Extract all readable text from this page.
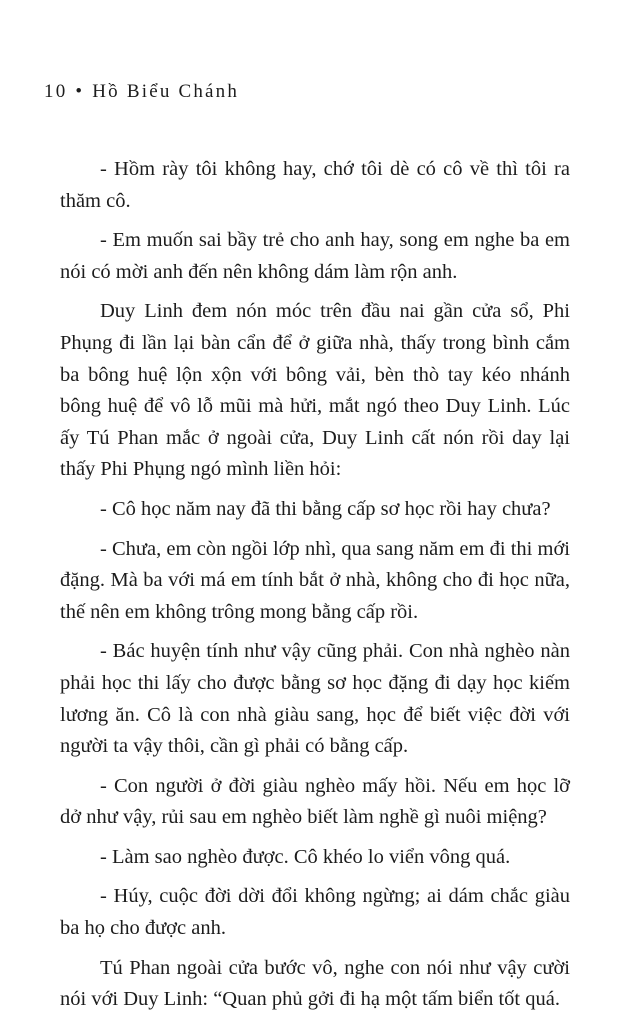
10 • Hồ Biểu Chánh

- Hồm rày tôi không hay, chớ tôi dè có cô về thì tôi ra thăm cô.

- Em muốn sai bầy trẻ cho anh hay, song em nghe ba em nói có mời anh đến nên không dám làm rộn anh.

Duy Linh đem nón móc trên đầu nai gần cửa sổ, Phi Phụng đi lần lại bàn cẩn để ở giữa nhà, thấy trong bình cắm ba bông huệ lộn xộn với bông vải, bèn thò tay kéo nhánh bông huệ để vô lỗ mũi mà hửi, mắt ngó theo Duy Linh. Lúc ấy Tú Phan mắc ở ngoài cửa, Duy Linh cất nón rồi day lại thấy Phi Phụng ngó mình liền hỏi:

- Cô học năm nay đã thi bằng cấp sơ học rồi hay chưa?

- Chưa, em còn ngồi lớp nhì, qua sang năm em đi thi mới đặng. Mà ba với má em tính bắt ở nhà, không cho đi học nữa, thế nên em không trông mong bằng cấp rồi.

- Bác huyện tính như vậy cũng phải. Con nhà nghèo nàn phải học thi lấy cho được bằng sơ học đặng đi dạy học kiếm lương ăn. Cô là con nhà giàu sang, học để biết việc đời với người ta vậy thôi, cần gì phải có bằng cấp.

- Con người ở đời giàu nghèo mấy hồi. Nếu em học lỡ dở như vậy, rủi sau em nghèo biết làm nghề gì nuôi miệng?

- Làm sao nghèo được. Cô khéo lo viển vông quá.

- Húy, cuộc đời dời đổi không ngừng; ai dám chắc giàu ba họ cho được anh.

Tú Phan ngoài cửa bước vô, nghe con nói như vậy cười nói với Duy Linh: “Quan phủ gởi đi hạ một tấm biển tốt quá.
